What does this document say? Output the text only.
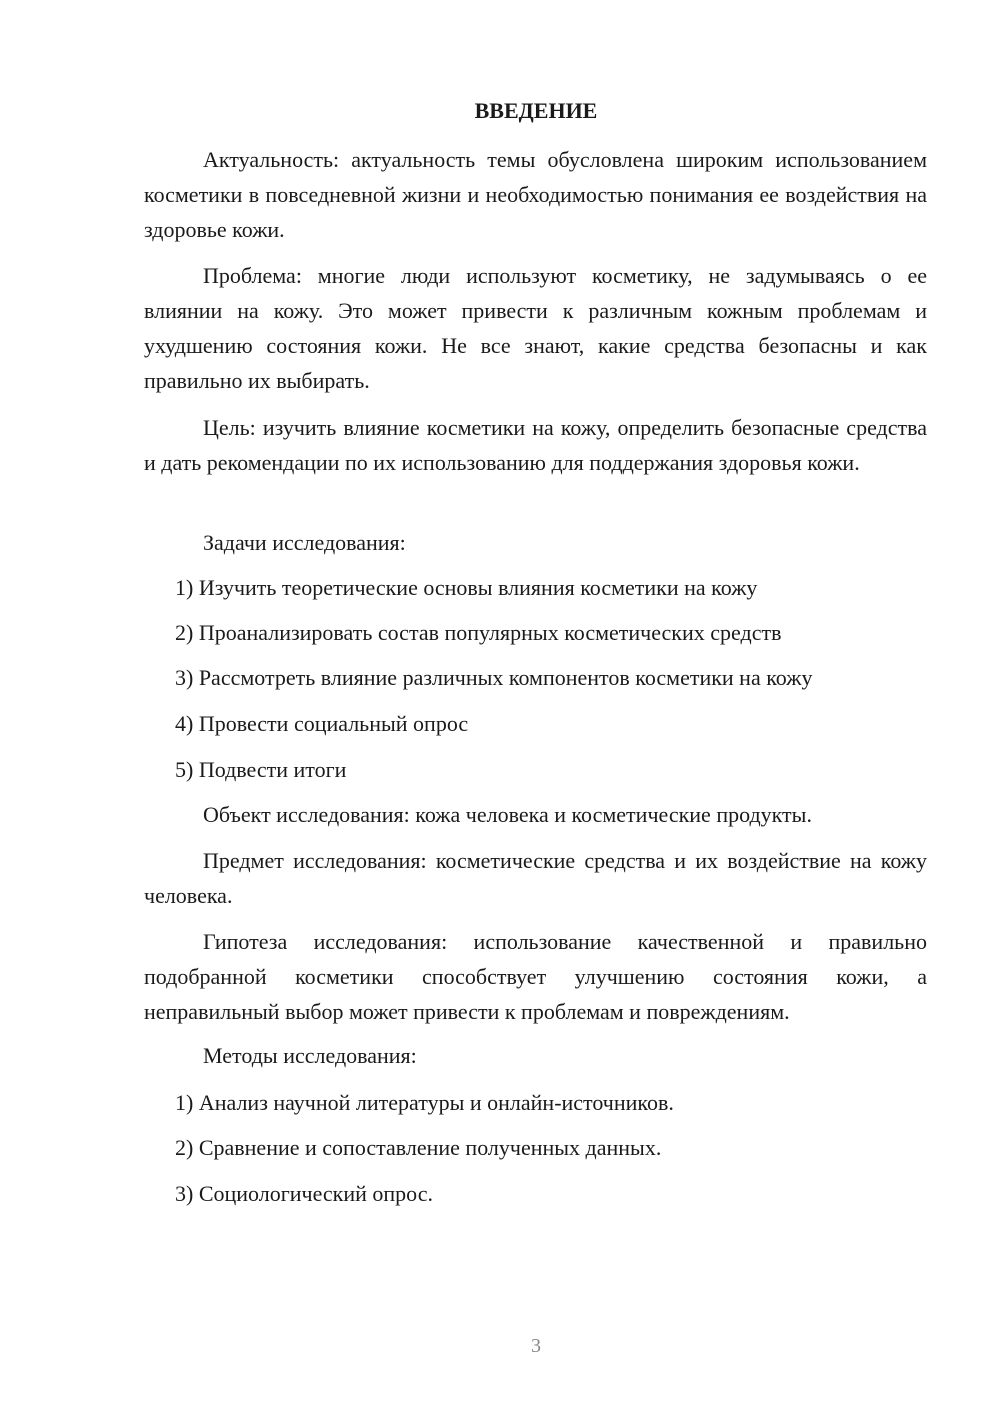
ВВЕДЕНИЕ

Актуальность: актуальность темы обусловлена широким использованием косметики в повседневной жизни и необходимостью понимания ее воздействия на здоровье кожи.

Проблема: многие люди используют косметику, не задумываясь о ее влиянии на кожу. Это может привести к различным кожным проблемам и ухудшению состояния кожи. Не все знают, какие средства безопасны и как правильно их выбирать.

Цель: изучить влияние косметики на кожу, определить безопасные средства и дать рекомендации по их использованию для поддержания здоровья кожи.

Задачи исследования:

1) Изучить теоретические основы влияния косметики на кожу

2) Проанализировать состав популярных косметических средств

3) Рассмотреть влияние различных компонентов косметики на кожу

4) Провести социальный опрос

5) Подвести итоги

Объект исследования: кожа человека и косметические продукты.

Предмет исследования: косметические средства и их воздействие на кожу человека.

Гипотеза исследования: использование качественной и правильно подобранной косметики способствует улучшению состояния кожи, а неправильный выбор может привести к проблемам и повреждениям.

Методы исследования:

1) Анализ научной литературы и онлайн-источников.

2) Сравнение и сопоставление полученных данных.

3) Социологический опрос.

3
